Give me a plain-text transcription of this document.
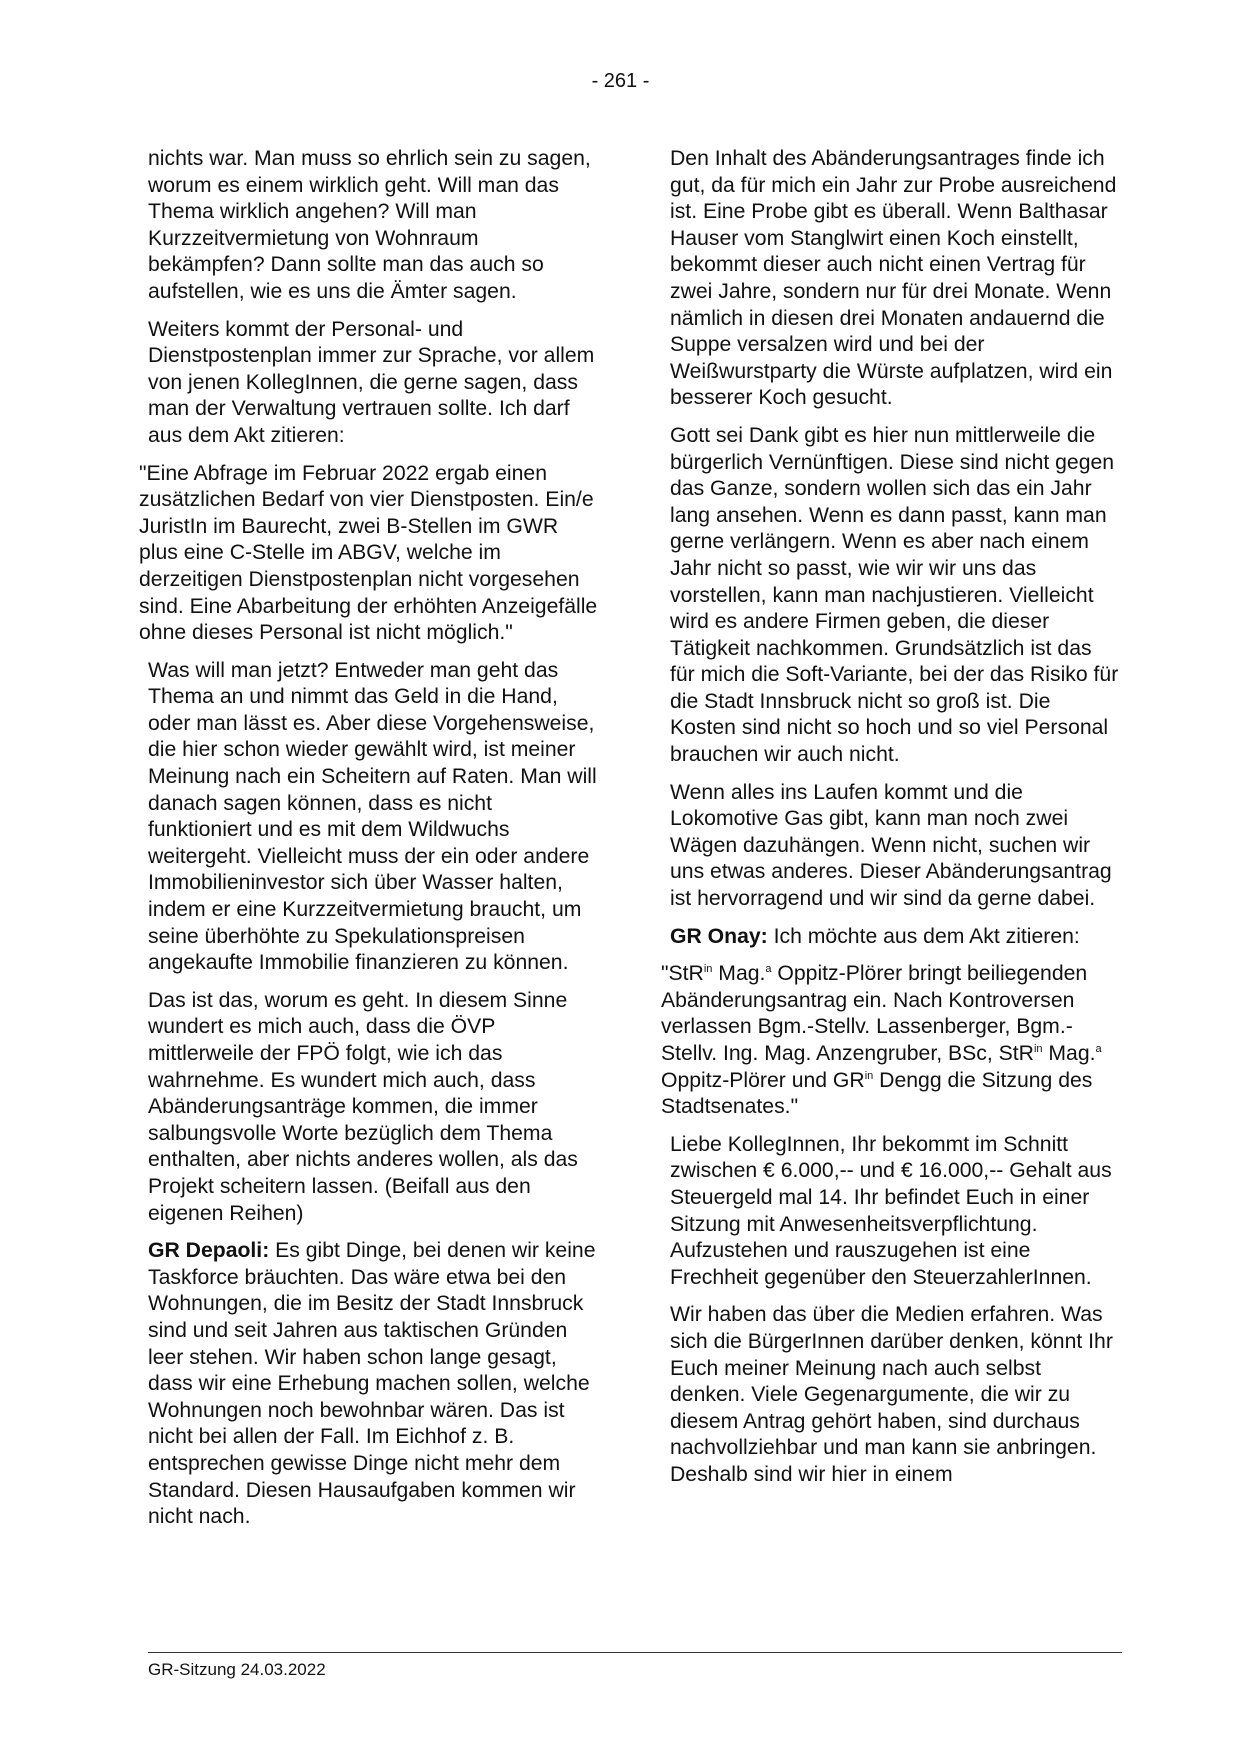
- 261 -

nichts war. Man muss so ehrlich sein zu sagen, worum es einem wirklich geht. Will man das Thema wirklich angehen? Will man Kurzzeitvermietung von Wohnraum bekämpfen? Dann sollte man das auch so aufstellen, wie es uns die Ämter sagen.

Weiters kommt der Personal- und Dienstpostenplan immer zur Sprache, vor allem von jenen KollegInnen, die gerne sagen, dass man der Verwaltung vertrauen sollte. Ich darf aus dem Akt zitieren:

"Eine Abfrage im Februar 2022 ergab einen zusätzlichen Bedarf von vier Dienstposten. Ein/e JuristIn im Baurecht, zwei B-Stellen im GWR plus eine C-Stelle im ABGV, welche im derzeitigen Dienstpostenplan nicht vorgesehen sind. Eine Abarbeitung der erhöhten Anzeigefälle ohne dieses Personal ist nicht möglich."

Was will man jetzt? Entweder man geht das Thema an und nimmt das Geld in die Hand, oder man lässt es. Aber diese Vorgehensweise, die hier schon wieder gewählt wird, ist meiner Meinung nach ein Scheitern auf Raten. Man will danach sagen können, dass es nicht funktioniert und es mit dem Wildwuchs weitergeht. Vielleicht muss der ein oder andere Immobilieninvestor sich über Wasser halten, indem er eine Kurzzeitvermietung braucht, um seine überhöhte zu Spekulationspreisen angekaufte Immobilie finanzieren zu können.

Das ist das, worum es geht. In diesem Sinne wundert es mich auch, dass die ÖVP mittlerweile der FPÖ folgt, wie ich das wahrnehme. Es wundert mich auch, dass Abänderungsanträge kommen, die immer salbungsvolle Worte bezüglich dem Thema enthalten, aber nichts anderes wollen, als das Projekt scheitern lassen. (Beifall aus den eigenen Reihen)

GR Depaoli: Es gibt Dinge, bei denen wir keine Taskforce bräuchten. Das wäre etwa bei den Wohnungen, die im Besitz der Stadt Innsbruck sind und seit Jahren aus taktischen Gründen leer stehen. Wir haben schon lange gesagt, dass wir eine Erhebung machen sollen, welche Wohnungen noch bewohnbar wären. Das ist nicht bei allen der Fall. Im Eichhof z. B. entsprechen gewisse Dinge nicht mehr dem Standard. Diesen Hausaufgaben kommen wir nicht nach.

Den Inhalt des Abänderungsantrages finde ich gut, da für mich ein Jahr zur Probe ausreichend ist. Eine Probe gibt es überall. Wenn Balthasar Hauser vom Stanglwirt einen Koch einstellt, bekommt dieser auch nicht einen Vertrag für zwei Jahre, sondern nur für drei Monate. Wenn nämlich in diesen drei Monaten andauernd die Suppe versalzen wird und bei der Weißwurstparty die Würste aufplatzen, wird ein besserer Koch gesucht.

Gott sei Dank gibt es hier nun mittlerweile die bürgerlich Vernünftigen. Diese sind nicht gegen das Ganze, sondern wollen sich das ein Jahr lang ansehen. Wenn es dann passt, kann man gerne verlängern. Wenn es aber nach einem Jahr nicht so passt, wie wir wir uns das vorstellen, kann man nachjustieren. Vielleicht wird es andere Firmen geben, die dieser Tätigkeit nachkommen. Grundsätzlich ist das für mich die Soft-Variante, bei der das Risiko für die Stadt Innsbruck nicht so groß ist. Die Kosten sind nicht so hoch und so viel Personal brauchen wir auch nicht.

Wenn alles ins Laufen kommt und die Lokomotive Gas gibt, kann man noch zwei Wägen dazuhängen. Wenn nicht, suchen wir uns etwas anderes. Dieser Abänderungsantrag ist hervorragend und wir sind da gerne dabei.

GR Onay: Ich möchte aus dem Akt zitieren:

"StR$^{in}$ Mag.$^a$ Oppitz-Plörer bringt beiliegenden Abänderungsantrag ein. Nach Kontroversen verlassen Bgm.-Stellv. Lassenberger, Bgm.-Stellv. Ing. Mag. Anzengruber, BSc, StR$^{in}$ Mag.$^a$ Oppitz-Plörer und $GR^{in}$ Dengg die Sitzung des Stadtsenates."

Liebe KollegInnen, Ihr bekommt im Schnitt zwischen € 6.000,-- und € 16.000,-- Gehalt aus Steuergeld mal 14. Ihr befindet Euch in einer Sitzung mit Anwesenheitsverpflichtung. Aufzustehen und rauszugehen ist eine Frechheit gegenüber den SteuerzahlerInnen.

Wir haben das über die Medien erfahren. Was sich die BürgerInnen darüber denken, könnt Ihr Euch meiner Meinung nach auch selbst denken. Viele Gegenargumente, die wir zu diesem Antrag gehört haben, sind durchaus nachvollziehbar und man kann sie anbringen. Deshalb sind wir hier in einem

GR-Sitzung 24.03.2022
